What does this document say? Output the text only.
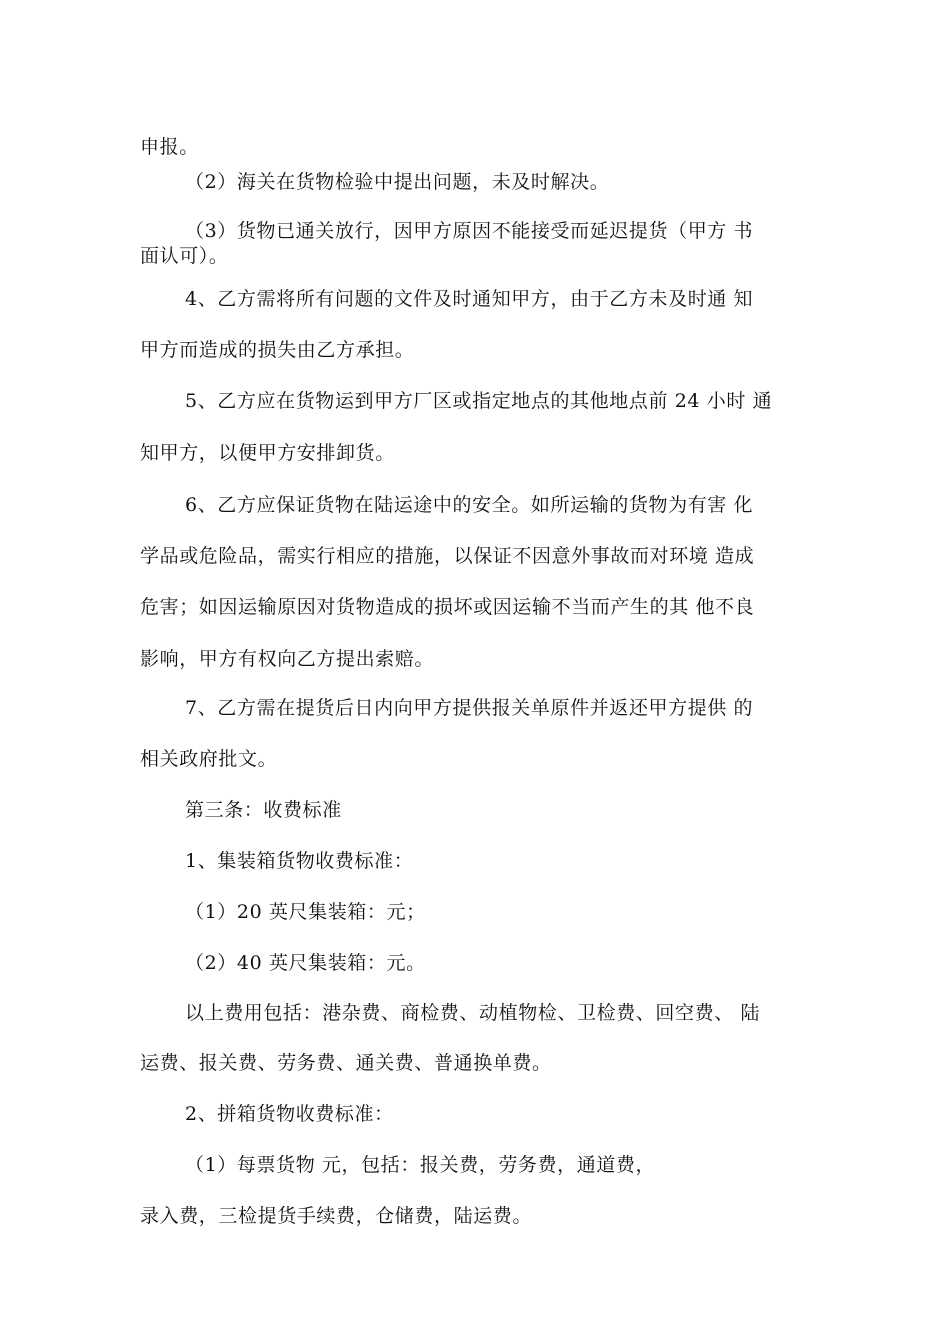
申报。
（2）海关在货物检验中提出问题，未及时解决。
（3）货物已通关放行，因甲方原因不能接受而延迟提货（甲方 书
面认可）。
4、乙方需将所有问题的文件及时通知甲方，由于乙方未及时通 知
甲方而造成的损失由乙方承担。
5、乙方应在货物运到甲方厂区或指定地点的其他地点前 24 小时 通
知甲方，以便甲方安排卸货。
6、乙方应保证货物在陆运途中的安全。如所运输的货物为有害 化
学品或危险品，需实行相应的措施，以保证不因意外事故而对环境 造成
危害；如因运输原因对货物造成的损坏或因运输不当而产生的其 他不良
影响，甲方有权向乙方提出索赔。
7、乙方需在提货后日内向甲方提供报关单原件并返还甲方提供 的
相关政府批文。
第三条：收费标准
1、集装箱货物收费标准：
（1）20 英尺集装箱：元；
（2）40 英尺集装箱：元。
以上费用包括：港杂费、商检费、动植物检、卫检费、回空费、 陆
运费、报关费、劳务费、通关费、普通换单费。
2、拼箱货物收费标准：
（1）每票货物 元，包括：报关费，劳务费，通道费，
录入费，三检提货手续费，仓储费，陆运费。
